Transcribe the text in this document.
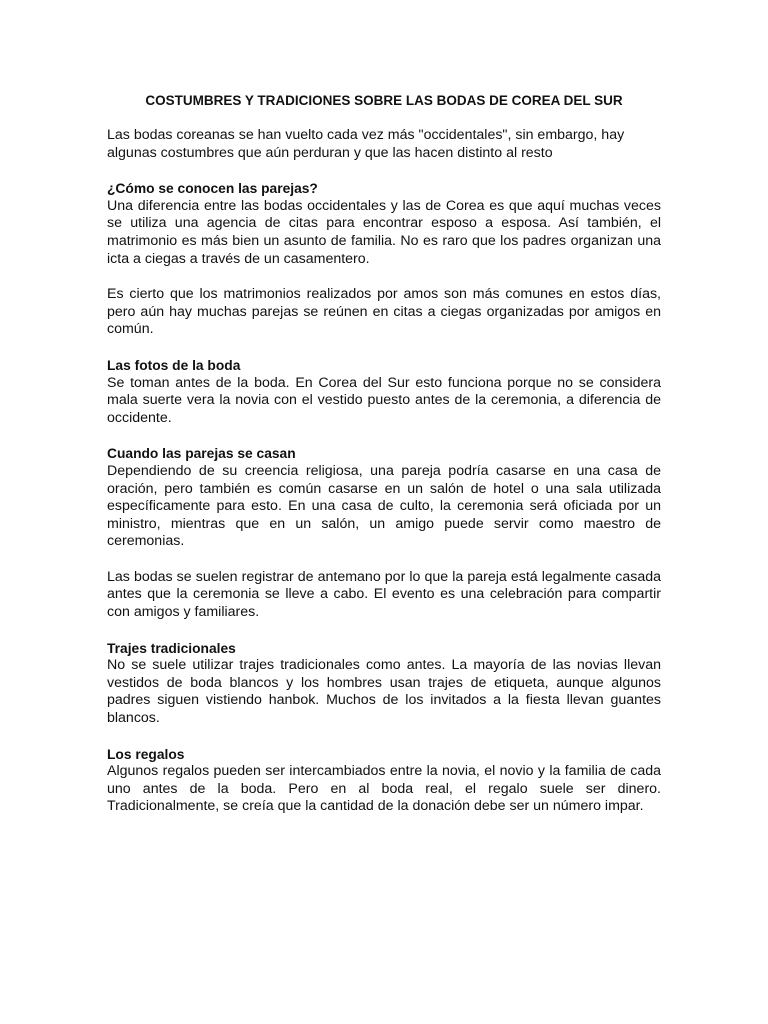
COSTUMBRES Y TRADICIONES SOBRE LAS BODAS DE COREA DEL SUR

Las bodas coreanas se han vuelto cada vez más "occidentales", sin embargo, hay algunas costumbres que aún perduran y que las hacen distinto al resto

¿Cómo se conocen las parejas?

Una diferencia entre las bodas occidentales y las de Corea es que aquí muchas veces se utiliza una agencia de citas para encontrar esposo a esposa. Así también, el matrimonio es más bien un asunto de familia. No es raro que los padres organizan una icta a ciegas a través de un casamentero.

Es cierto que los matrimonios realizados por amos son más comunes en estos días, pero aún hay muchas parejas se reúnen en citas a ciegas organizadas por amigos en común.

Las fotos de la boda

Se toman antes de la boda. En Corea del Sur esto funciona porque no se considera mala suerte vera la novia con el vestido puesto antes de la ceremonia, a diferencia de occidente.

Cuando las parejas se casan

Dependiendo de su creencia religiosa, una pareja podría casarse en una casa de oración, pero también es común casarse en un salón de hotel o una sala utilizada específicamente para esto. En una casa de culto, la ceremonia será oficiada por un ministro, mientras que en un salón, un amigo puede servir como maestro de ceremonias.

Las bodas se suelen registrar de antemano por lo que la pareja está legalmente casada antes que la ceremonia se lleve a cabo. El evento es una celebración para compartir con amigos y familiares.

Trajes tradicionales

No se suele utilizar trajes tradicionales como antes. La mayoría de las novias llevan vestidos de boda blancos y los hombres usan trajes de etiqueta, aunque algunos padres siguen vistiendo hanbok. Muchos de los invitados a la fiesta llevan guantes blancos.

Los regalos

Algunos regalos pueden ser intercambiados entre la novia, el novio y la familia de cada uno antes de la boda. Pero en al boda real, el regalo suele ser dinero. Tradicionalmente, se creía que la cantidad de la donación debe ser un número impar.
